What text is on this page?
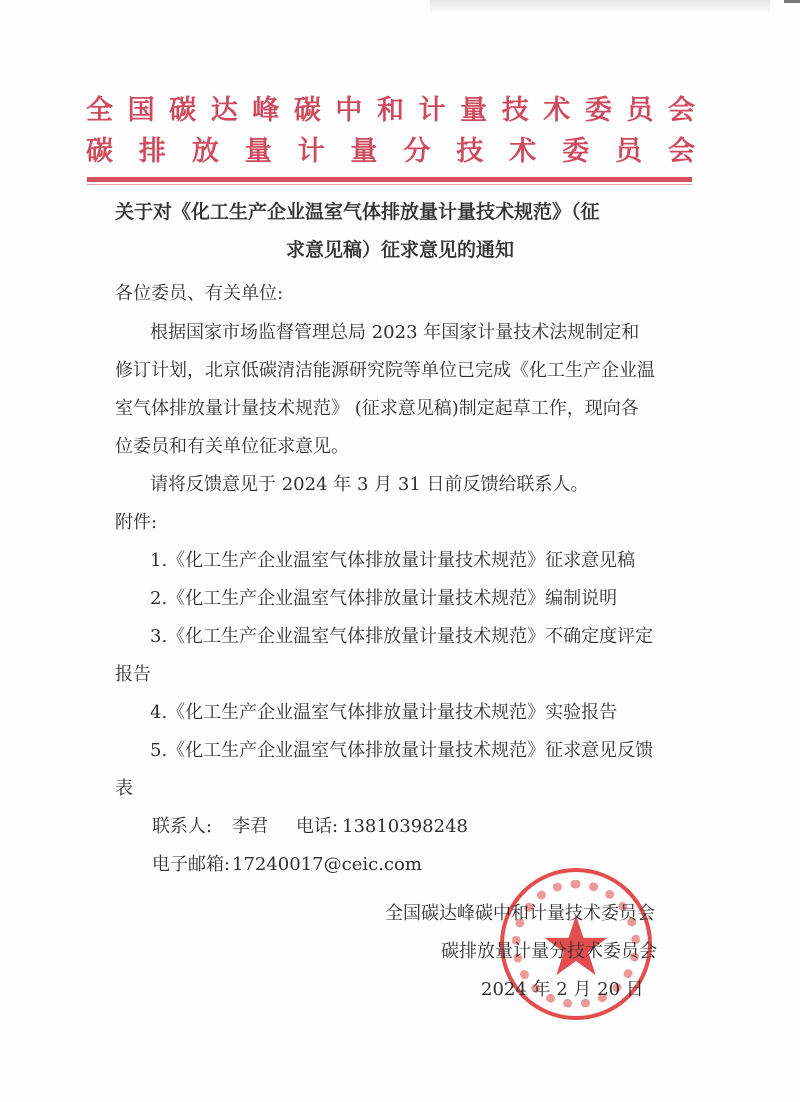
全国碳达峰碳中和计量技术委员会
碳排放量计量分技术委员会
关于对《化工生产企业温室气体排放量计量技术规范》（征
求意见稿）征求意见的通知
各位委员、有关单位:
根据国家市场监督管理总局 2023 年国家计量技术法规制定和
修订计划，北京低碳清洁能源研究院等单位已完成《化工生产企业温
室气体排放量计量技术规范》 (征求意见稿)制定起草工作，现向各
位委员和有关单位征求意见。
请将反馈意见于 2024 年 3 月 31 日前反馈给联系人。
附件:
1.《化工生产企业温室气体排放量计量技术规范》征求意见稿
2.《化工生产企业温室气体排放量计量技术规范》编制说明
3.《化工生产企业温室气体排放量计量技术规范》不确定度评定
报告
4.《化工生产企业温室气体排放量计量技术规范》实验报告
5.《化工生产企业温室气体排放量计量技术规范》征求意见反馈
表
联系人: 李君 电话: 13810398248
电子邮箱: 17240017@ceic.com
全国碳达峰碳中和计量技术委员会
碳排放量计量分技术委员会
2024 年 2 月 20 日
